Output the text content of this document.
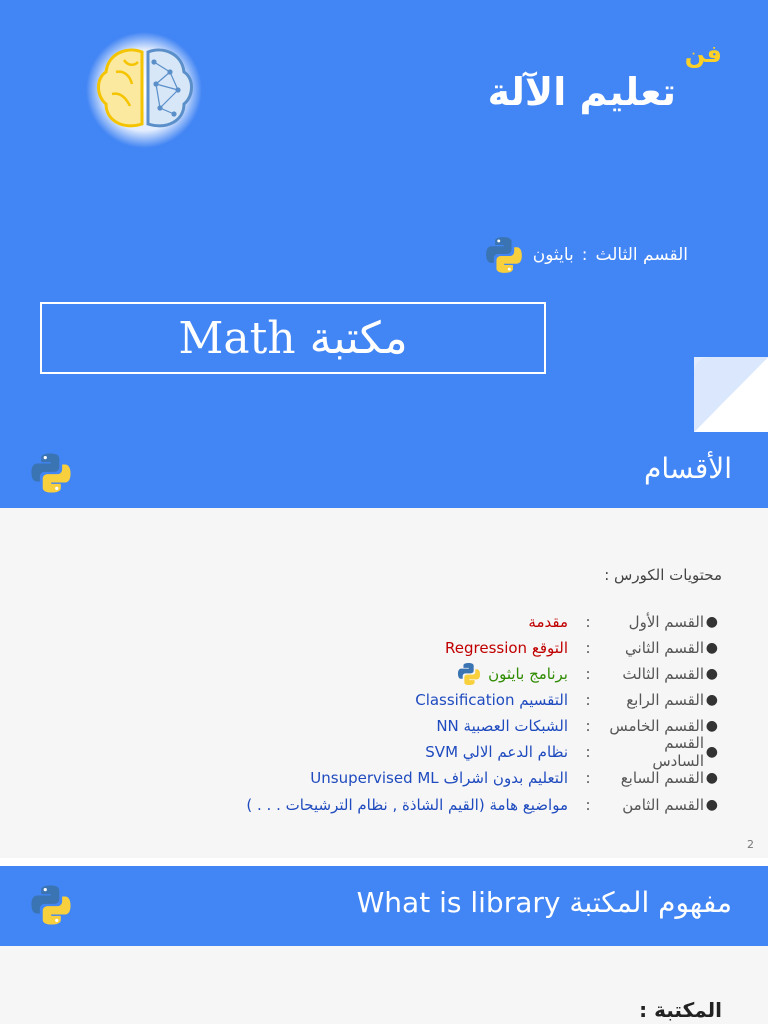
فن
تعليم الآلة
القسم الثالث
:
بايثون
مكتبة Math
الأقسام
محتويات الكورس :
●
القسم الأول
:
مقدمة
●
القسم الثاني
:
التوقع Regression
●
القسم الثالث
:
برنامج بايثون
●
القسم الرابع
:
التقسيم Classification
●
القسم الخامس
:
الشبكات العصبية NN
●
القسم السادس
:
نظام الدعم الالي SVM
●
القسم السابع
:
التعليم بدون اشراف Unsupervised ML
●
القسم الثامن
:
مواضيع هامة (القيم الشاذة , نظام الترشيحات . . . )
2
مفهوم المكتبة What is library
المكتبة :
